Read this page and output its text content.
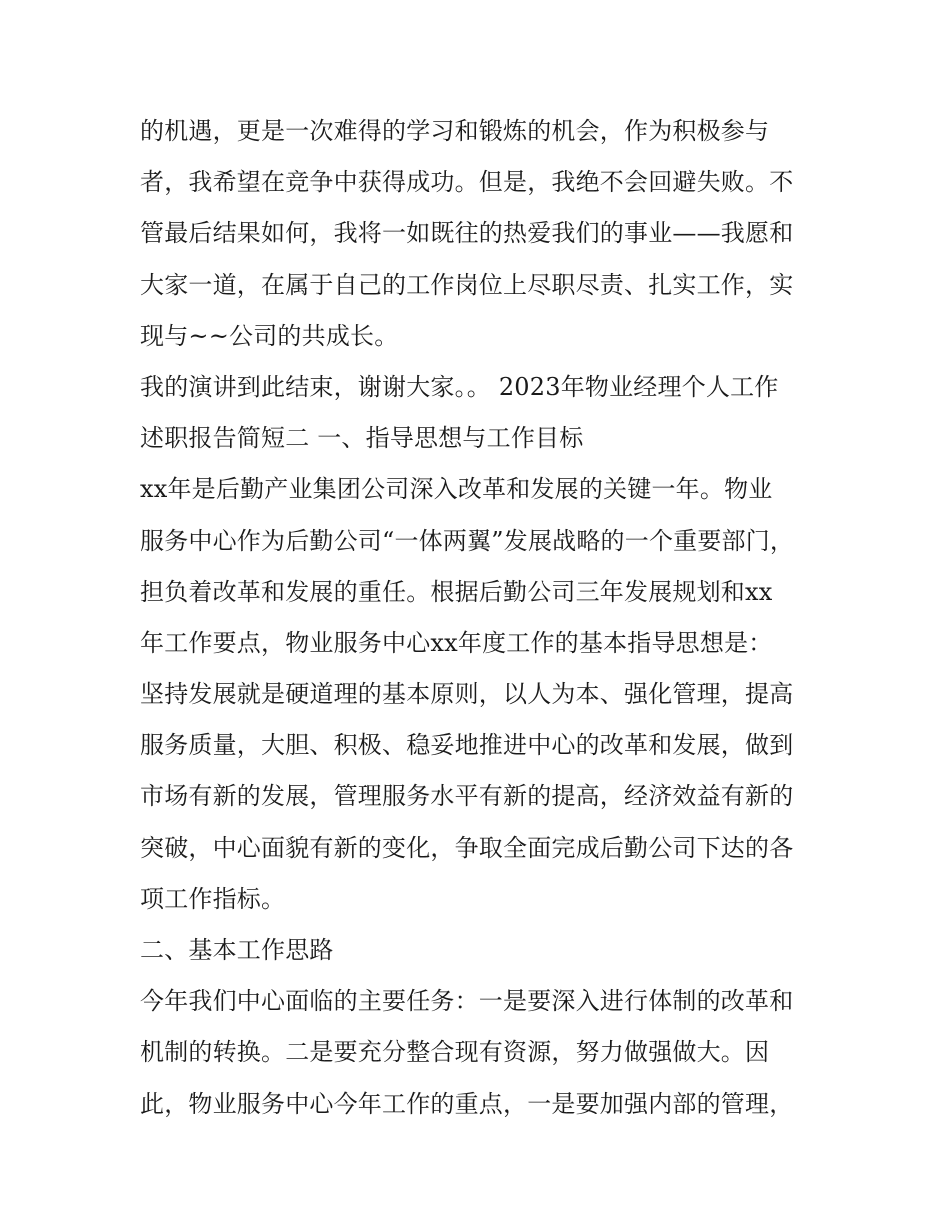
的机遇，更是一次难得的学习和锻炼的机会，作为积极参与
者，我希望在竞争中获得成功。但是，我绝不会回避失败。不
管最后结果如何，我将一如既往的热爱我们的事业——我愿和
大家一道，在属于自己的工作岗位上尽职尽责、扎实工作，实
现与~~公司的共成长。
我的演讲到此结束，谢谢大家。。 2023年物业经理个人工作
述职报告简短二 一、指导思想与工作目标
xx年是后勤产业集团公司深入改革和发展的关键一年。物业
服务中心作为后勤公司“一体两翼”发展战略的一个重要部门，
担负着改革和发展的重任。根据后勤公司三年发展规划和xx
年工作要点，物业服务中心xx年度工作的基本指导思想是：
坚持发展就是硬道理的基本原则，以人为本、强化管理，提高
服务质量，大胆、积极、稳妥地推进中心的改革和发展，做到
市场有新的发展，管理服务水平有新的提高，经济效益有新的
突破，中心面貌有新的变化，争取全面完成后勤公司下达的各
项工作指标。
二、基本工作思路
今年我们中心面临的主要任务：一是要深入进行体制的改革和
机制的转换。二是要充分整合现有资源，努力做强做大。因
此，物业服务中心今年工作的重点，一是要加强内部的管理，
